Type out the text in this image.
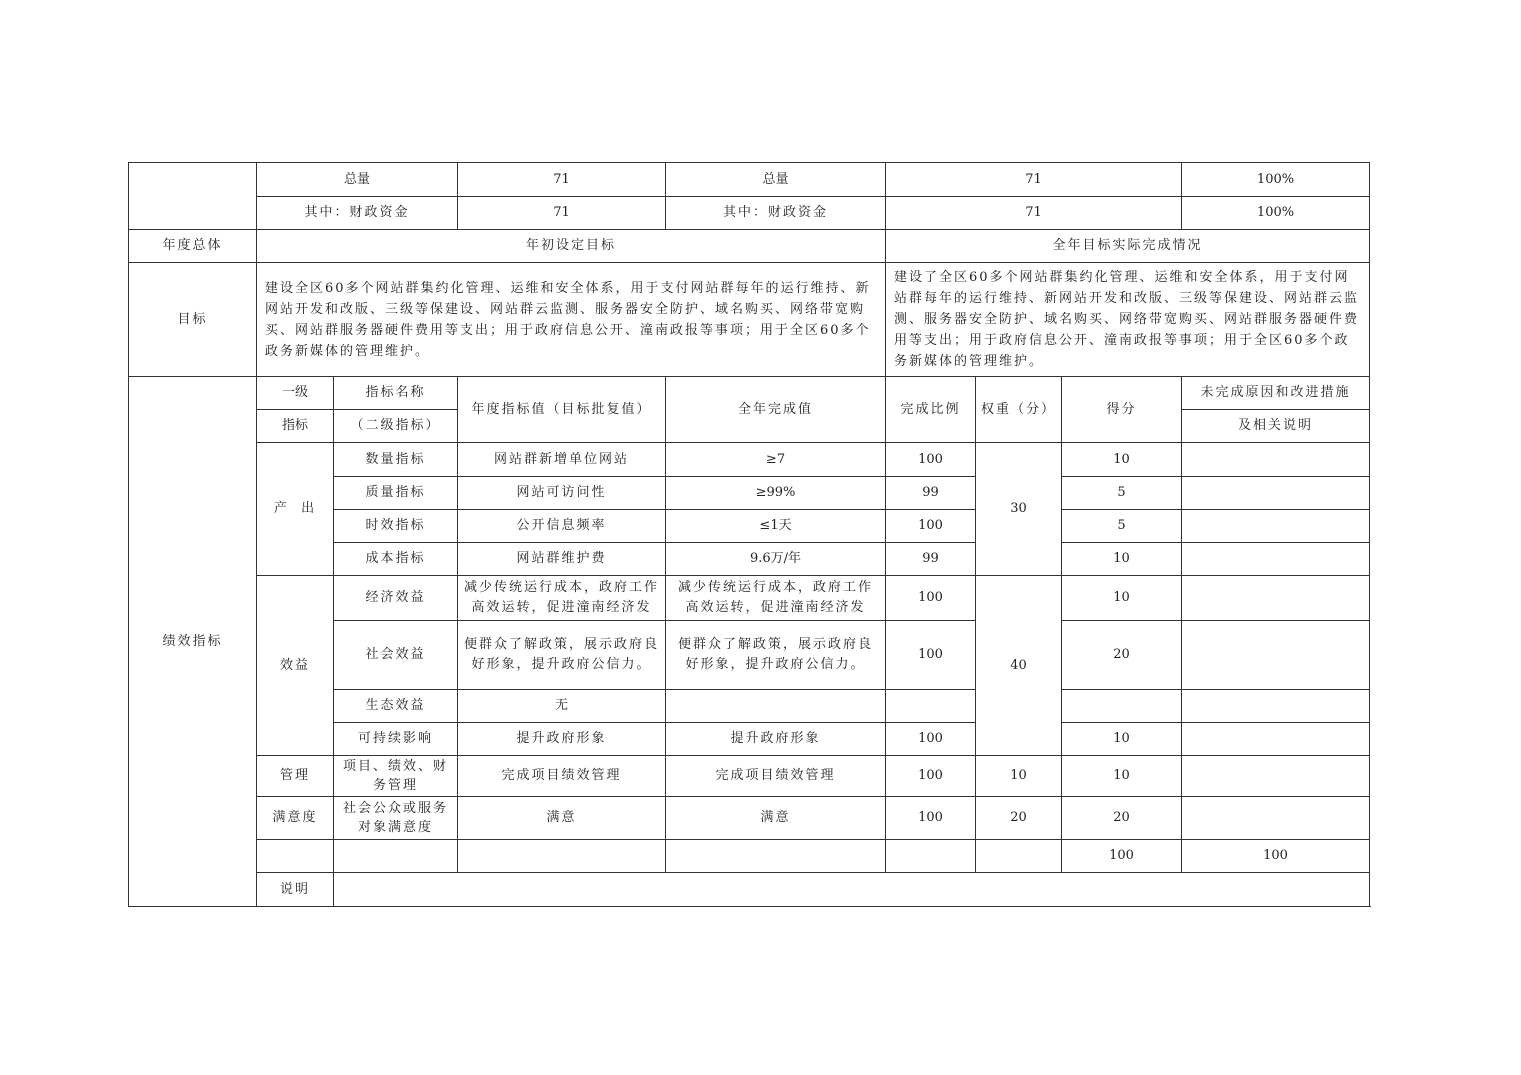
	总量		71	总量	71			100%	
	其中：财政资金		71	其中：财政资金	71			100%	
年度总体	年初设定目标				全年目标实际完成情况				
目标	建设全区60多个网站群集约化管理、运维和安全体系，用于支付网站群每年的运行维持、新网站开发和改版、三级等保建设、网站群云监测、服务器安全防护、域名购买、网络带宽购买、网站群服务器硬件费用等支出；用于政府信息公开、潼南政报等事项；用于全区60多个政务新媒体的管理维护。				建设了全区60多个网站群集约化管理、运维和安全体系，用于支付网站群每年的运行维持、新网站开发和改版、三级等保建设、网站群云监测、服务器安全防护、域名购买、网络带宽购买、网站群服务器硬件费用等支出；用于政府信息公开、潼南政报等事项；用于全区60多个政务新媒体的管理维护。				
绩效指标	一级	指标名称	年度指标值（目标批复值）	全年完成值	完成比例	权重（分）	得分	未完成原因和改进措施	
	指标	（二级指标）						及相关说明	
	产  出	数量指标	网站群新增单位网站	≥7	100	30	10		
		质量指标	网站可访问性	≥99%	99		5		
		时效指标	公开信息频率	≤1天	100		5		
		成本指标	网站群维护费	9.6万/年	99		10		
	效益	经济效益	减少传统运行成本，政府工作高效运转，促进潼南经济发	减少传统运行成本，政府工作高效运转，促进潼南经济发	100	40	10		
		社会效益	便群众了解政策，展示政府良好形象，提升政府公信力。	便群众了解政策，展示政府良好形象，提升政府公信力。	100		20		
		生态效益	无						
		可持续影响	提升政府形象	提升政府形象	100		10		
	管理	项目、绩效、财务管理	完成项目绩效管理	完成项目绩效管理	100	10	10		
	满意度	社会公众或服务对象满意度	满意	满意	100	20	20		
							100	100	
	说明								
